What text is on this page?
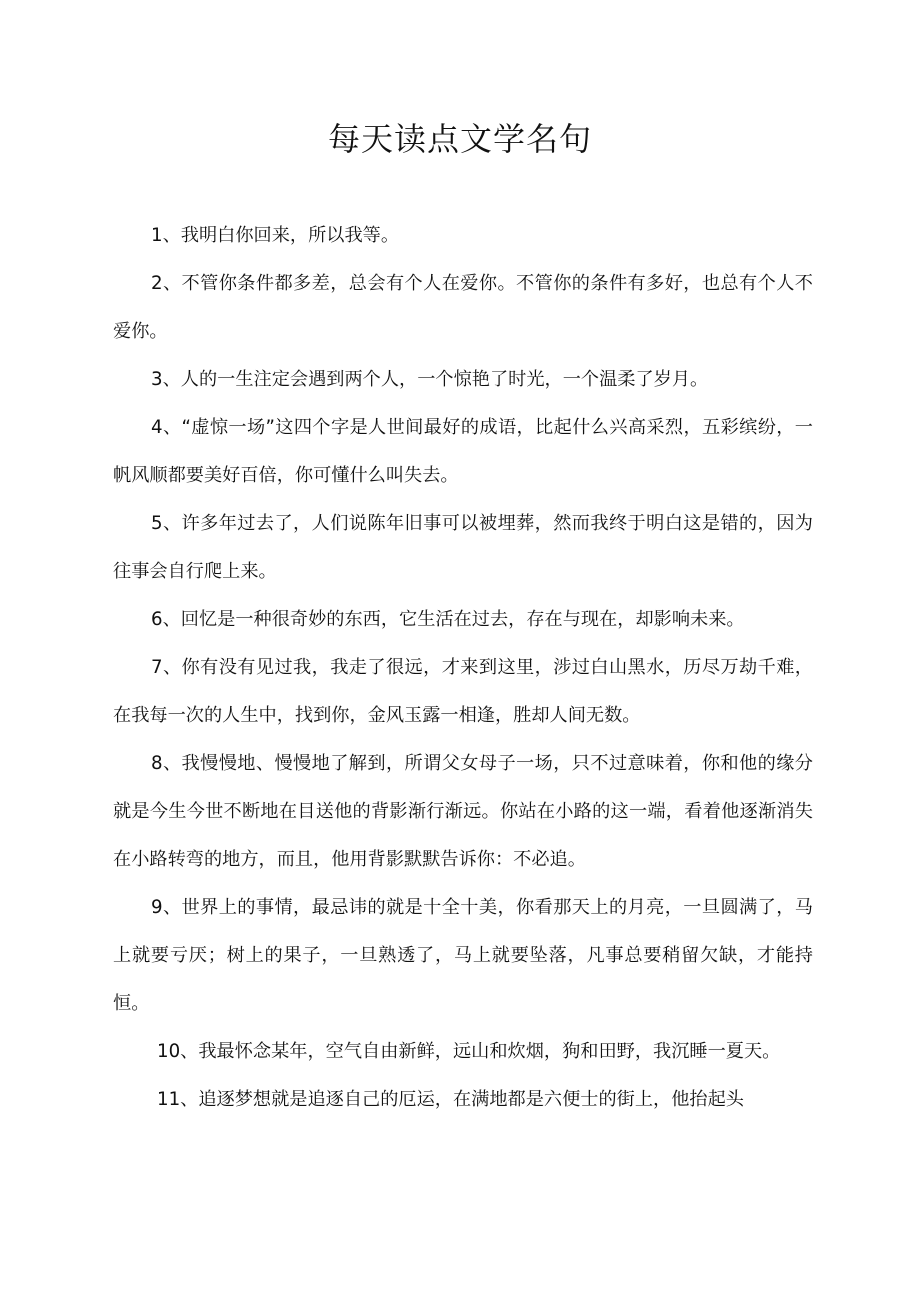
每天读点文学名句

1、我明白你回来，所以我等。

2、不管你条件都多差，总会有个人在爱你。不管你的条件有多好，也总有个人不爱你。

3、人的一生注定会遇到两个人，一个惊艳了时光，一个温柔了岁月。

4、“虚惊一场”这四个字是人世间最好的成语，比起什么兴高采烈，五彩缤纷，一帆风顺都要美好百倍，你可懂什么叫失去。

5、许多年过去了，人们说陈年旧事可以被埋葬，然而我终于明白这是错的，因为往事会自行爬上来。

6、回忆是一种很奇妙的东西，它生活在过去，存在与现在，却影响未来。

7、你有没有见过我，我走了很远，才来到这里，涉过白山黑水，历尽万劫千难，在我每一次的人生中，找到你，金风玉露一相逢，胜却人间无数。

8、我慢慢地、慢慢地了解到，所谓父女母子一场，只不过意味着，你和他的缘分就是今生今世不断地在目送他的背影渐行渐远。你站在小路的这一端，看着他逐渐消失在小路转弯的地方，而且，他用背影默默告诉你：不必追。

9、世界上的事情，最忌讳的就是十全十美，你看那天上的月亮，一旦圆满了，马上就要亏厌；树上的果子，一旦熟透了，马上就要坠落，凡事总要稍留欠缺，才能持恒。

10、我最怀念某年，空气自由新鲜，远山和炊烟，狗和田野，我沉睡一夏天。

11、追逐梦想就是追逐自己的厄运，在满地都是六便士的街上，他抬起头
